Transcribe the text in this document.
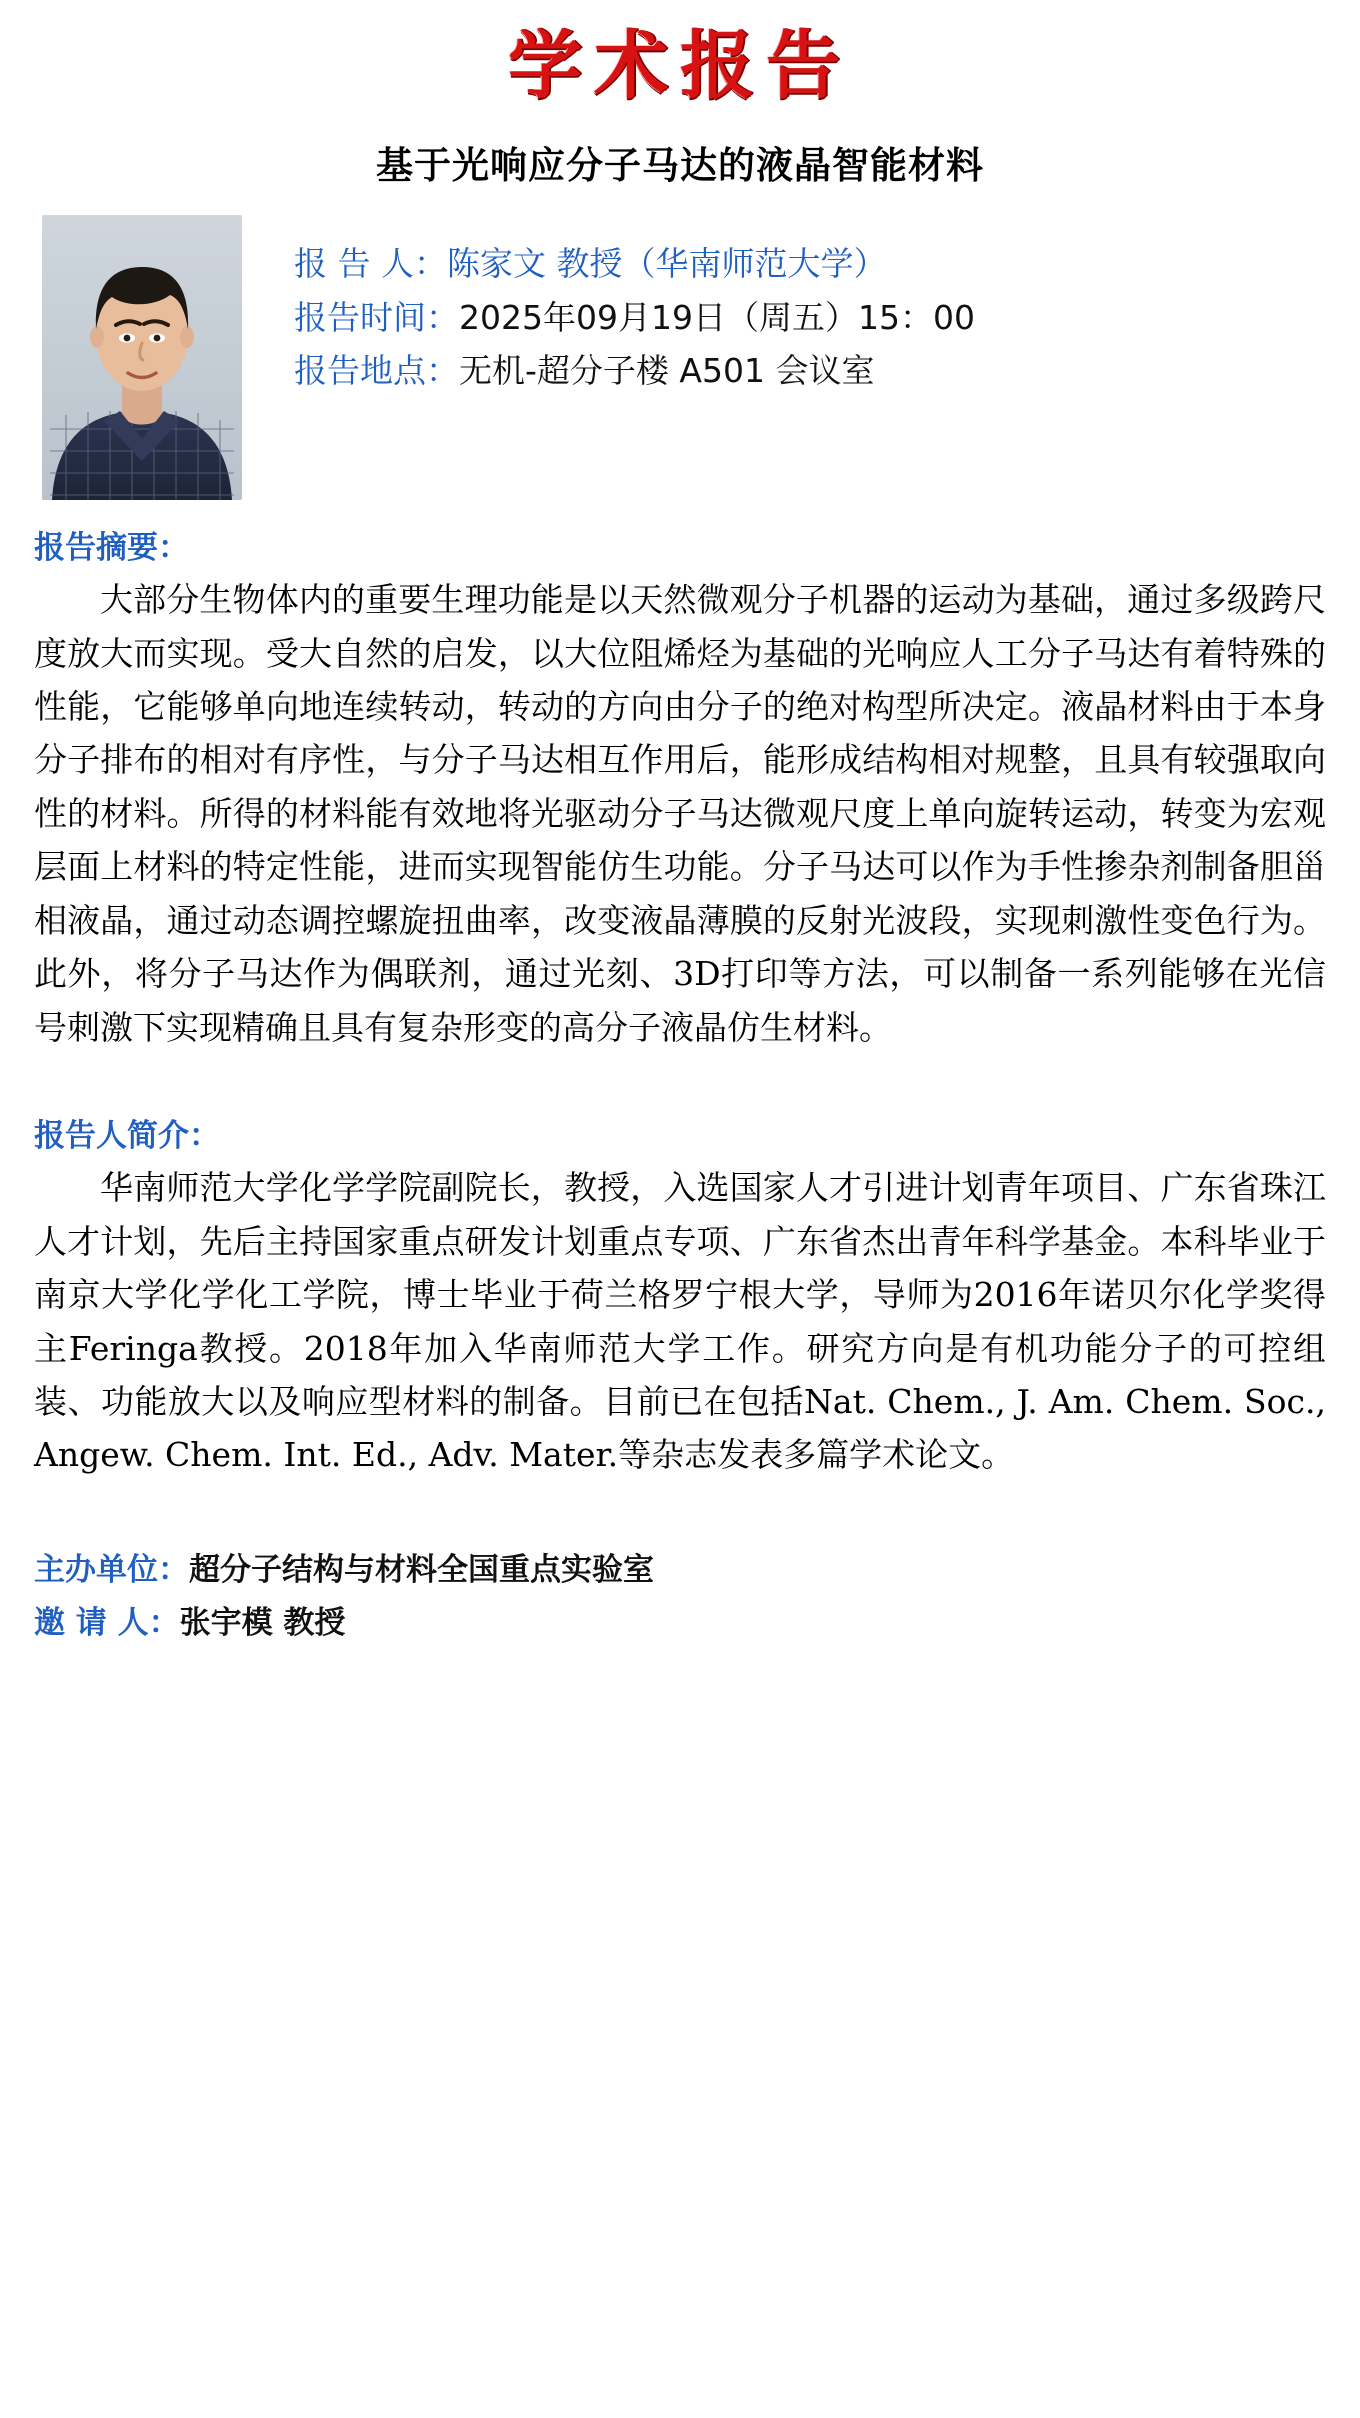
学术报告
基于光响应分子马达的液晶智能材料
报 告 人：陈家文 教授（华南师范大学）
报告时间：2025年09月19日（周五）15：00
报告地点：无机-超分子楼 A501 会议室
报告摘要：

大部分生物体内的重要生理功能是以天然微观分子机器的运动为基础，通过多级跨尺度放大而实现。受大自然的启发，以大位阻烯烃为基础的光响应人工分子马达有着特殊的性能，它能够单向地连续转动，转动的方向由分子的绝对构型所决定。液晶材料由于本身分子排布的相对有序性，与分子马达相互作用后，能形成结构相对规整，且具有较强取向性的材料。所得的材料能有效地将光驱动分子马达微观尺度上单向旋转运动，转变为宏观层面上材料的特定性能，进而实现智能仿生功能。分子马达可以作为手性掺杂剂制备胆甾相液晶，通过动态调控螺旋扭曲率，改变液晶薄膜的反射光波段，实现刺激性变色行为。此外，将分子马达作为偶联剂，通过光刻、3D打印等方法，可以制备一系列能够在光信号刺激下实现精确且具有复杂形变的高分子液晶仿生材料。

报告人简介：

华南师范大学化学学院副院长，教授，入选国家人才引进计划青年项目、广东省珠江人才计划，先后主持国家重点研发计划重点专项、广东省杰出青年科学基金。本科毕业于南京大学化学化工学院，博士毕业于荷兰格罗宁根大学，导师为2016年诺贝尔化学奖得主Feringa教授。2018年加入华南师范大学工作。研究方向是有机功能分子的可控组装、功能放大以及响应型材料的制备。目前已在包括Nat. Chem., J. Am. Chem. Soc., Angew. Chem. Int. Ed., Adv. Mater.等杂志发表多篇学术论文。

主办单位：超分子结构与材料全国重点实验室
邀 请 人：张宇模 教授
